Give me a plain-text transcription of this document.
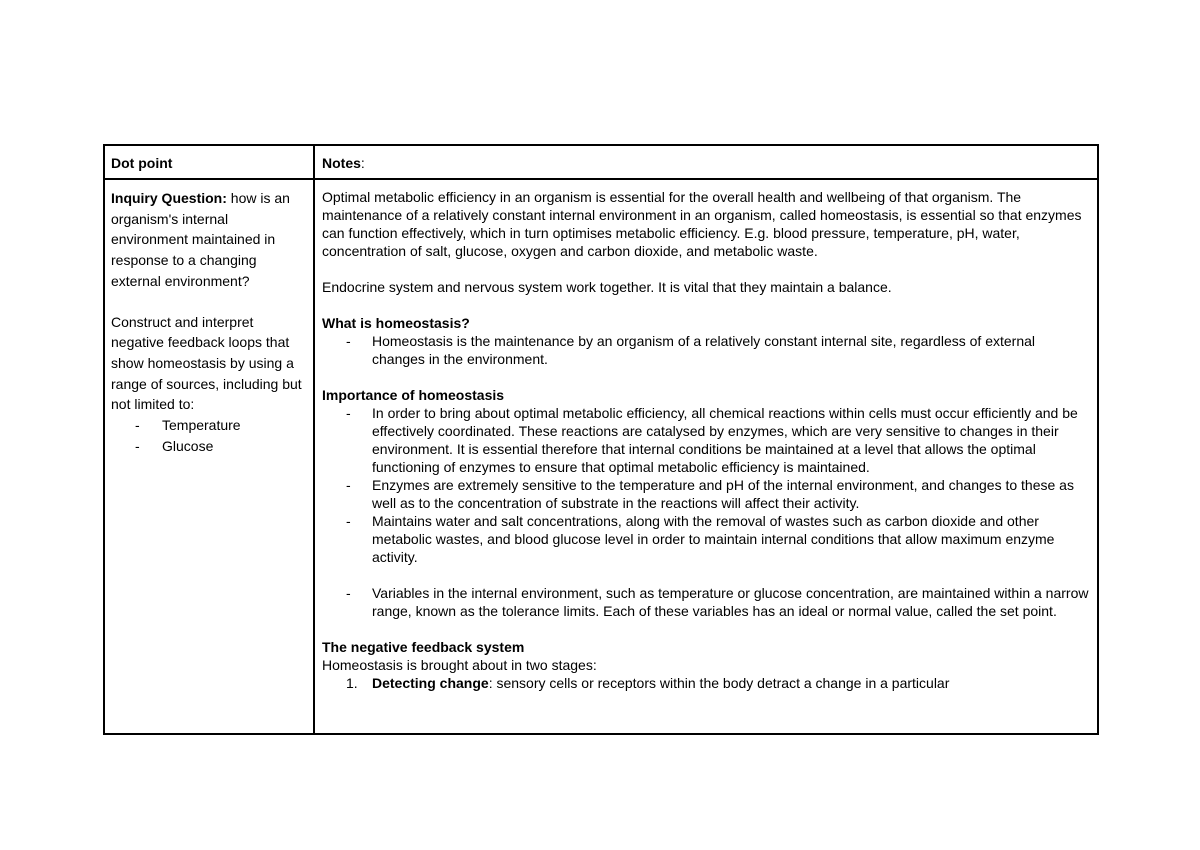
Dot point	Notes:

Inquiry Question: how is an organism's internal environment maintained in response to a changing external environment?

Construct and interpret negative feedback loops that show homeostasis by using a range of sources, including but not limited to:

- Temperature
- Glucose

Optimal metabolic efficiency in an organism is essential for the overall health and wellbeing of that organism. The maintenance of a relatively constant internal environment in an organism, called homeostasis, is essential so that enzymes can function effectively, which in turn optimises metabolic efficiency. E.g. blood pressure, temperature, pH, water, concentration of salt, glucose, oxygen and carbon dioxide, and metabolic waste.

Endocrine system and nervous system work together. It is vital that they maintain a balance.

What is homeostasis?

- Homeostasis is the maintenance by an organism of a relatively constant internal site, regardless of external changes in the environment.

Importance of homeostasis

- In order to bring about optimal metabolic efficiency, all chemical reactions within cells must occur efficiently and be effectively coordinated. These reactions are catalysed by enzymes, which are very sensitive to changes in their environment. It is essential therefore that internal conditions be maintained at a level that allows the optimal functioning of enzymes to ensure that optimal metabolic efficiency is maintained.
- Enzymes are extremely sensitive to the temperature and pH of the internal environment, and changes to these as well as to the concentration of substrate in the reactions will affect their activity.
- Maintains water and salt concentrations, along with the removal of wastes such as carbon dioxide and other metabolic wastes, and blood glucose level in order to maintain internal conditions that allow maximum enzyme activity.
- Variables in the internal environment, such as temperature or glucose concentration, are maintained within a narrow range, known as the tolerance limits. Each of these variables has an ideal or normal value, called the set point.

The negative feedback system

Homeostasis is brought about in two stages:

1. Detecting change: sensory cells or receptors within the body detract a change in a particular
